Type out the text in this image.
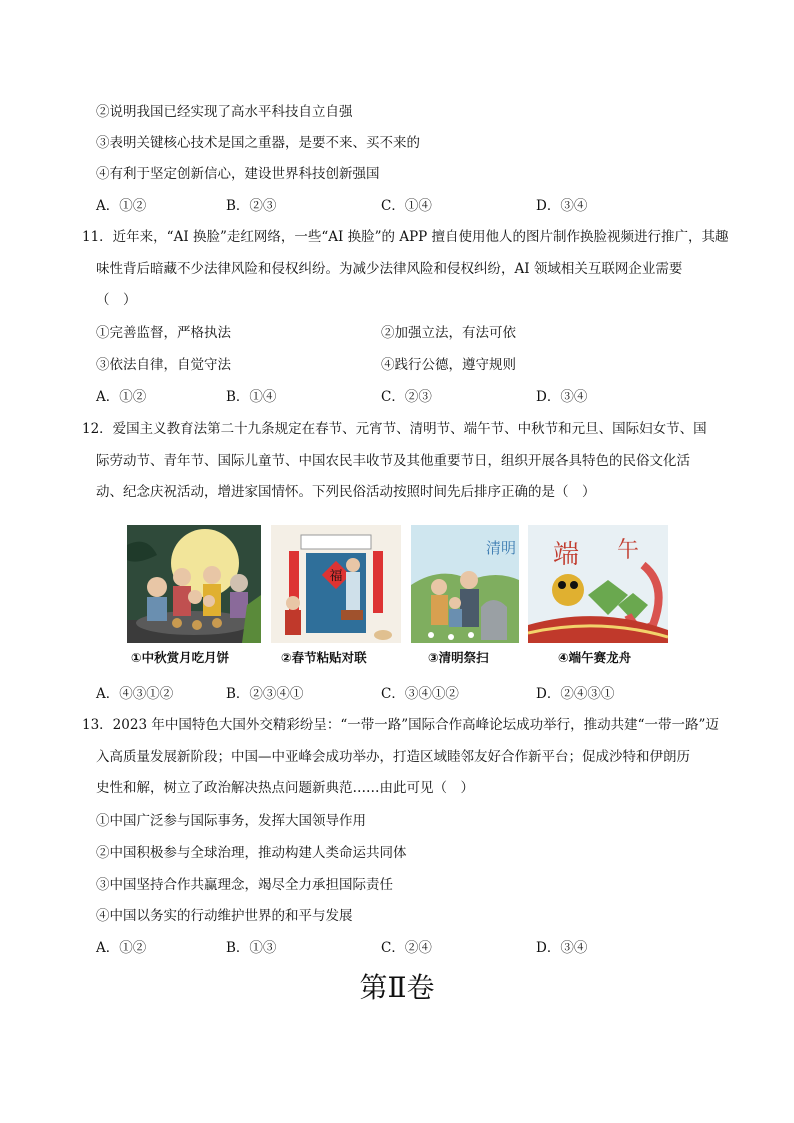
②说明我国已经实现了高水平科技自立自强
③表明关键核心技术是国之重器，是要不来、买不来的
④有利于坚定创新信心，建设世界科技创新强国
A．①②	B．②③	C．①④	D．③④
11．近年来，“AI 换脸”走红网络，一些“AI 换脸”的 APP 擅自使用他人的图片制作换脸视频进行推广，其趣
味性背后暗藏不少法律风险和侵权纠纷。为减少法律风险和侵权纠纷，AI 领域相关互联网企业需要
（　）
①完善监督，严格执法	②加强立法，有法可依
③依法自律，自觉守法	④践行公德，遵守规则
A．①②	B．①④	C．②③	D．③④
12．爱国主义教育法第二十九条规定在春节、元宵节、清明节、端午节、中秋节和元旦、国际妇女节、国
际劳动节、青年节、国际儿童节、中国农民丰收节及其他重要节日，组织开展各具特色的民俗文化活
动、纪念庆祝活动，增进家国情怀。下列民俗活动按照时间先后排序正确的是（　）
①中秋赏月吃月饼
福
②春节粘贴对联
清明
③清明祭扫
端 午
④端午赛龙舟
A．④③①②	B．②③④①	C．③④①②	D．②④③①
13．2023 年中国特色大国外交精彩纷呈：“一带一路”国际合作高峰论坛成功举行，推动共建“一带一路”迈
入高质量发展新阶段；中国—中亚峰会成功举办，打造区域睦邻友好合作新平台；促成沙特和伊朗历
史性和解，树立了政治解决热点问题新典范……由此可见（　）
①中国广泛参与国际事务，发挥大国领导作用
②中国积极参与全球治理，推动构建人类命运共同体
③中国坚持合作共赢理念，竭尽全力承担国际责任
④中国以务实的行动维护世界的和平与发展
A．①②	B．①③	C．②④	D．③④
第Ⅱ卷
